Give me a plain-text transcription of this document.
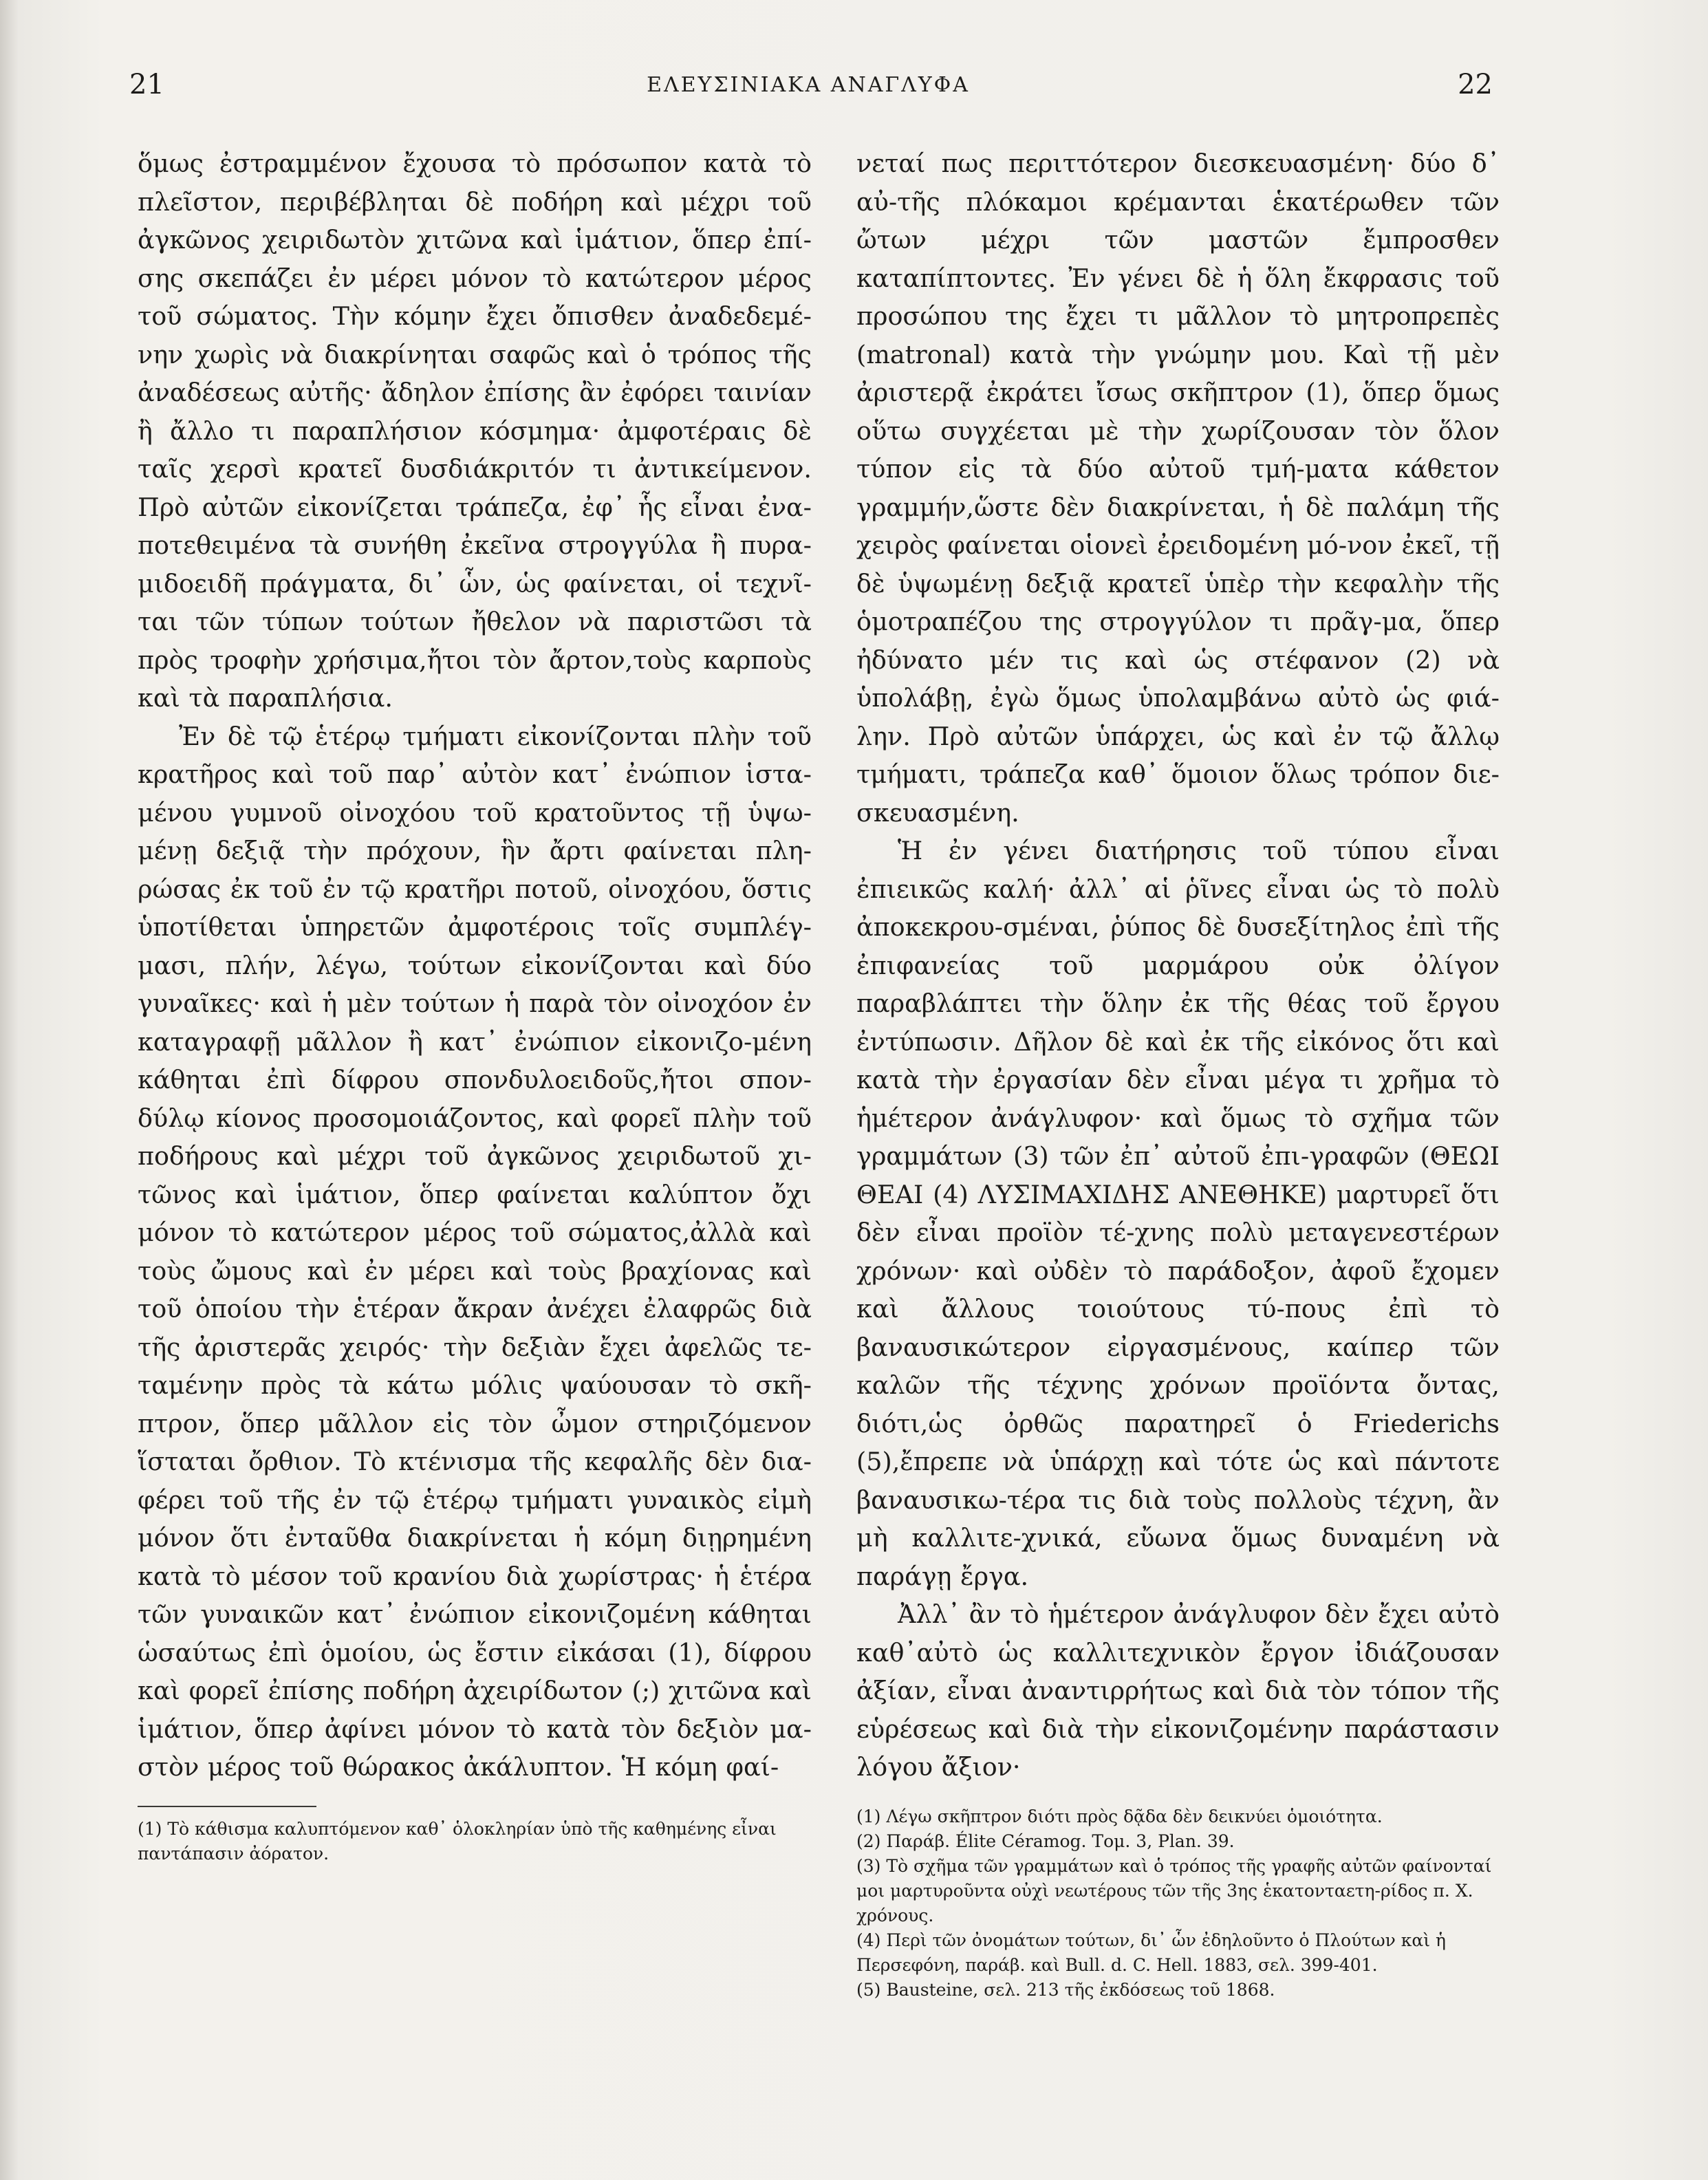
21	ΕΛΕΥΣΙΝΙΑΚΑ ΑΝΑΓΛΥΦΑ	22

ὅμως ἐστραμμένον ἔχουσα τὸ πρόσωπον κατὰ τὸ πλεῖστον, περιβέβληται δὲ ποδήρη καὶ μέχρι τοῦ ἀγκῶνος χειριδωτὸν χιτῶνα καὶ ἱμάτιον, ὅπερ ἐπί-σης σκεπάζει ἐν μέρει μόνον τὸ κατώτερον μέρος τοῦ σώματος. Τὴν κόμην ἔχει ὄπισθεν ἀναδεδεμέ-νην χωρὶς νὰ διακρίνηται σαφῶς καὶ ὁ τρόπος τῆς ἀναδέσεως αὐτῆς· ἄδηλον ἐπίσης ἂν ἐφόρει ταινίαν ἢ ἄλλο τι παραπλήσιον κόσμημα· ἀμφοτέραις δὲ ταῖς χερσὶ κρατεῖ δυσδιάκριτόν τι ἀντικείμενον. Πρὸ αὐτῶν εἰκονίζεται τράπεζα, ἐφ᾽ ἧς εἶναι ἐνα-ποτεθειμένα τὰ συνήθη ἐκεῖνα στρογγύλα ἢ πυρα-μιδοειδῆ πράγματα, δι᾽ ὧν, ὡς φαίνεται, οἱ τεχνῖ-ται τῶν τύπων τούτων ἤθελον νὰ παριστῶσι τὰ πρὸς τροφὴν χρήσιμα,ἤτοι τὸν ἄρτον,τοὺς καρποὺς καὶ τὰ παραπλήσια.

Ἐν δὲ τῷ ἑτέρῳ τμήματι εἰκονίζονται πλὴν τοῦ κρατῆρος καὶ τοῦ παρ᾽ αὐτὸν κατ᾽ ἐνώπιον ἱστα-μένου γυμνοῦ οἰνοχόου τοῦ κρατοῦντος τῇ ὑψω-μένῃ δεξιᾷ τὴν πρόχουν, ἣν ἄρτι φαίνεται πλη-ρώσας ἐκ τοῦ ἐν τῷ κρατῆρι ποτοῦ, οἰνοχόου, ὅστις ὑποτίθεται ὑπηρετῶν ἀμφοτέροις τοῖς συμπλέγ-μασι, πλήν, λέγω, τούτων εἰκονίζονται καὶ δύο γυναῖκες· καὶ ἡ μὲν τούτων ἡ παρὰ τὸν οἰνοχόον ἐν καταγραφῇ μᾶλλον ἢ κατ᾽ ἐνώπιον εἰκονιζο-μένη κάθηται ἐπὶ δίφρου σπονδυλοειδοῦς,ἤτοι σπον-δύλῳ κίονος προσομοιάζοντος, καὶ φορεῖ πλὴν τοῦ ποδήρους καὶ μέχρι τοῦ ἀγκῶνος χειριδωτοῦ χι-τῶνος καὶ ἱμάτιον, ὅπερ φαίνεται καλύπτον ὄχι μόνον τὸ κατώτερον μέρος τοῦ σώματος,ἀλλὰ καὶ τοὺς ὤμους καὶ ἐν μέρει καὶ τοὺς βραχίονας καὶ τοῦ ὁποίου τὴν ἑτέραν ἄκραν ἀνέχει ἐλαφρῶς διὰ τῆς ἀριστερᾶς χειρός· τὴν δεξιὰν ἔχει ἀφελῶς τε-ταμένην πρὸς τὰ κάτω μόλις ψαύουσαν τὸ σκῆ-πτρον, ὅπερ μᾶλλον εἰς τὸν ὦμον στηριζόμενον ἵσταται ὄρθιον. Τὸ κτένισμα τῆς κεφαλῆς δὲν δια-φέρει τοῦ τῆς ἐν τῷ ἑτέρῳ τμήματι γυναικὸς εἰμὴ μόνον ὅτι ἐνταῦθα διακρίνεται ἡ κόμη διῃρημένη κατὰ τὸ μέσον τοῦ κρανίου διὰ χωρίστρας· ἡ ἑτέρα τῶν γυναικῶν κατ᾽ ἐνώπιον εἰκονιζομένη κάθηται ὡσαύτως ἐπὶ ὁμοίου, ὡς ἔστιν εἰκάσαι (1), δίφρου καὶ φορεῖ ἐπίσης ποδήρη ἀχειρίδωτον (;) χιτῶνα καὶ ἱμάτιον, ὅπερ ἀφίνει μόνον τὸ κατὰ τὸν δεξιὸν μα-στὸν μέρος τοῦ θώρακος ἀκάλυπτον. Ἡ κόμη φαί-

(1) Τὸ κάθισμα καλυπτόμενον καθ᾽ ὁλοκληρίαν ὑπὸ τῆς καθημένης εἶναι παντάπασιν ἀόρατον.

νεταί πως περιττότερον διεσκευασμένη· δύο δ᾽ αὐ-τῆς πλόκαμοι κρέμανται ἑκατέρωθεν τῶν ὤτων μέχρι τῶν μαστῶν ἔμπροσθεν καταπίπτοντες. Ἐν γένει δὲ ἡ ὅλη ἔκφρασις τοῦ προσώπου της ἔχει τι μᾶλλον τὸ μητροπρεπὲς (matronal) κατὰ τὴν γνώμην μου. Καὶ τῇ μὲν ἀριστερᾷ ἐκράτει ἴσως σκῆπτρον (1), ὅπερ ὅμως οὕτω συγχέεται μὲ τὴν χωρίζουσαν τὸν ὅλον τύπον εἰς τὰ δύο αὐτοῦ τμή-ματα κάθετον γραμμήν,ὥστε δὲν διακρίνεται, ἡ δὲ παλάμη τῆς χειρὸς φαίνεται οἱονεὶ ἐρειδομένη μό-νον ἐκεῖ, τῇ δὲ ὑψωμένῃ δεξιᾷ κρατεῖ ὑπὲρ τὴν κεφαλὴν τῆς ὁμοτραπέζου της στρογγύλον τι πρᾶγ-μα, ὅπερ ἠδύνατο μέν τις καὶ ὡς στέφανον (2) νὰ ὑπολάβῃ, ἐγὼ ὅμως ὑπολαμβάνω αὐτὸ ὡς φιά-λην. Πρὸ αὐτῶν ὑπάρχει, ὡς καὶ ἐν τῷ ἄλλῳ τμήματι, τράπεζα καθ᾽ ὅμοιον ὅλως τρόπον διε-σκευασμένη.

Ἡ ἐν γένει διατήρησις τοῦ τύπου εἶναι ἐπιεικῶς καλή· ἀλλ᾽ αἱ ῥῖνες εἶναι ὡς τὸ πολὺ ἀποκεκρου-σμέναι, ῥύπος δὲ δυσεξίτηλος ἐπὶ τῆς ἐπιφανείας τοῦ μαρμάρου οὐκ ὀλίγον παραβλάπτει τὴν ὅλην ἐκ τῆς θέας τοῦ ἔργου ἐντύπωσιν. Δῆλον δὲ καὶ ἐκ τῆς εἰκόνος ὅτι καὶ κατὰ τὴν ἐργασίαν δὲν εἶναι μέγα τι χρῆμα τὸ ἡμέτερον ἀνάγλυφον· καὶ ὅμως τὸ σχῆμα τῶν γραμμάτων (3) τῶν ἐπ᾽ αὐτοῦ ἐπι-γραφῶν (ΘΕΩΙ ΘΕΑΙ (4) ΛΥΣΙΜΑΧΙΔΗΣ ΑΝΕΘΗΚΕ) μαρτυρεῖ ὅτι δὲν εἶναι προϊὸν τέ-χνης πολὺ μεταγενεστέρων χρόνων· καὶ οὐδὲν τὸ παράδοξον, ἀφοῦ ἔχομεν καὶ ἄλλους τοιούτους τύ-πους ἐπὶ τὸ βαναυσικώτερον εἰργασμένους, καίπερ τῶν καλῶν τῆς τέχνης χρόνων προϊόντα ὄντας, διότι,ὡς ὀρθῶς παρατηρεῖ ὁ Friederichs (5),ἔπρεπε νὰ ὑπάρχῃ καὶ τότε ὡς καὶ πάντοτε βαναυσικω-τέρα τις διὰ τοὺς πολλοὺς τέχνη, ἂν μὴ καλλιτε-χνικά, εὔωνα ὅμως δυναμένη νὰ παράγῃ ἔργα.

Ἀλλ᾽ ἂν τὸ ἡμέτερον ἀνάγλυφον δὲν ἔχει αὐτὸ καθ᾽αὐτὸ ὡς καλλιτεχνικὸν ἔργον ἰδιάζουσαν ἀξίαν, εἶναι ἀναντιρρήτως καὶ διὰ τὸν τόπον τῆς εὑρέσεως καὶ διὰ τὴν εἰκονιζομένην παράστασιν λόγου ἄξιον·

(1) Λέγω σκῆπτρον διότι πρὸς δᾷδα δὲν δεικνύει ὁμοιότητα.

(2) Παράβ. Élite Céramog. Τομ. 3, Plan. 39.

(3) Τὸ σχῆμα τῶν γραμμάτων καὶ ὁ τρόπος τῆς γραφῆς αὐτῶν φαίνονταί μοι μαρτυροῦντα οὐχὶ νεωτέρους τῶν τῆς 3ης ἑκατονταετη-ρίδος π. Χ. χρόνους.

(4) Περὶ τῶν ὀνομάτων τούτων, δι᾽ ὧν ἐδηλοῦντο ὁ Πλούτων καὶ ἡ Περσεφόνη, παράβ. καὶ Bull. d. C. Hell. 1883, σελ. 399-401.

(5) Bausteine, σελ. 213 τῆς ἐκδόσεως τοῦ 1868.
